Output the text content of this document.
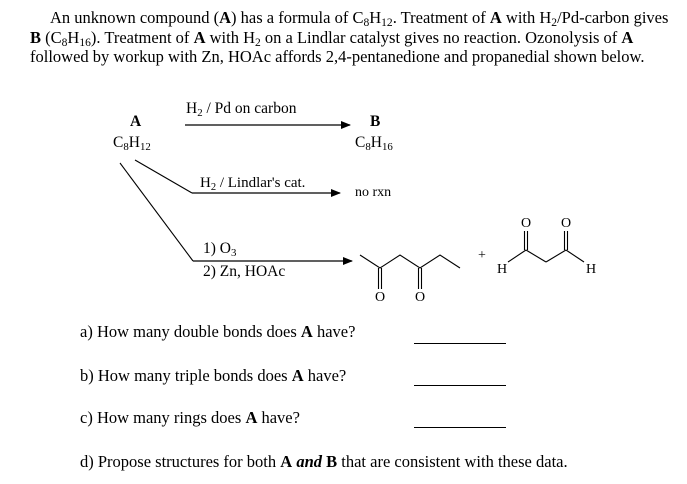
An unknown compound (A) has a formula of $C_8H_{12}$. Treatment of A with $H_2/Pd$-carbon gives B $(C_8H_{16})$. Treatment of A with $H_2$ on a Lindlar catalyst gives no reaction. Ozonolysis of A followed by workup with Zn, HOAc affords 2,4-pentanedione and propanedial shown below.
A
$C_8H_{12}$
$H_2$ / Pd on carbon
B
$C_8H_{16}$
$H_2$ / Lindlar's cat.
no rxn
1) $O_3$
2) Zn, HOAc
O O
+
O O
H	H
a) How many double bonds does A have?
b) How many triple bonds does A have?
c) How many rings does A have?
d) Propose structures for both A and B that are consistent with these data.
